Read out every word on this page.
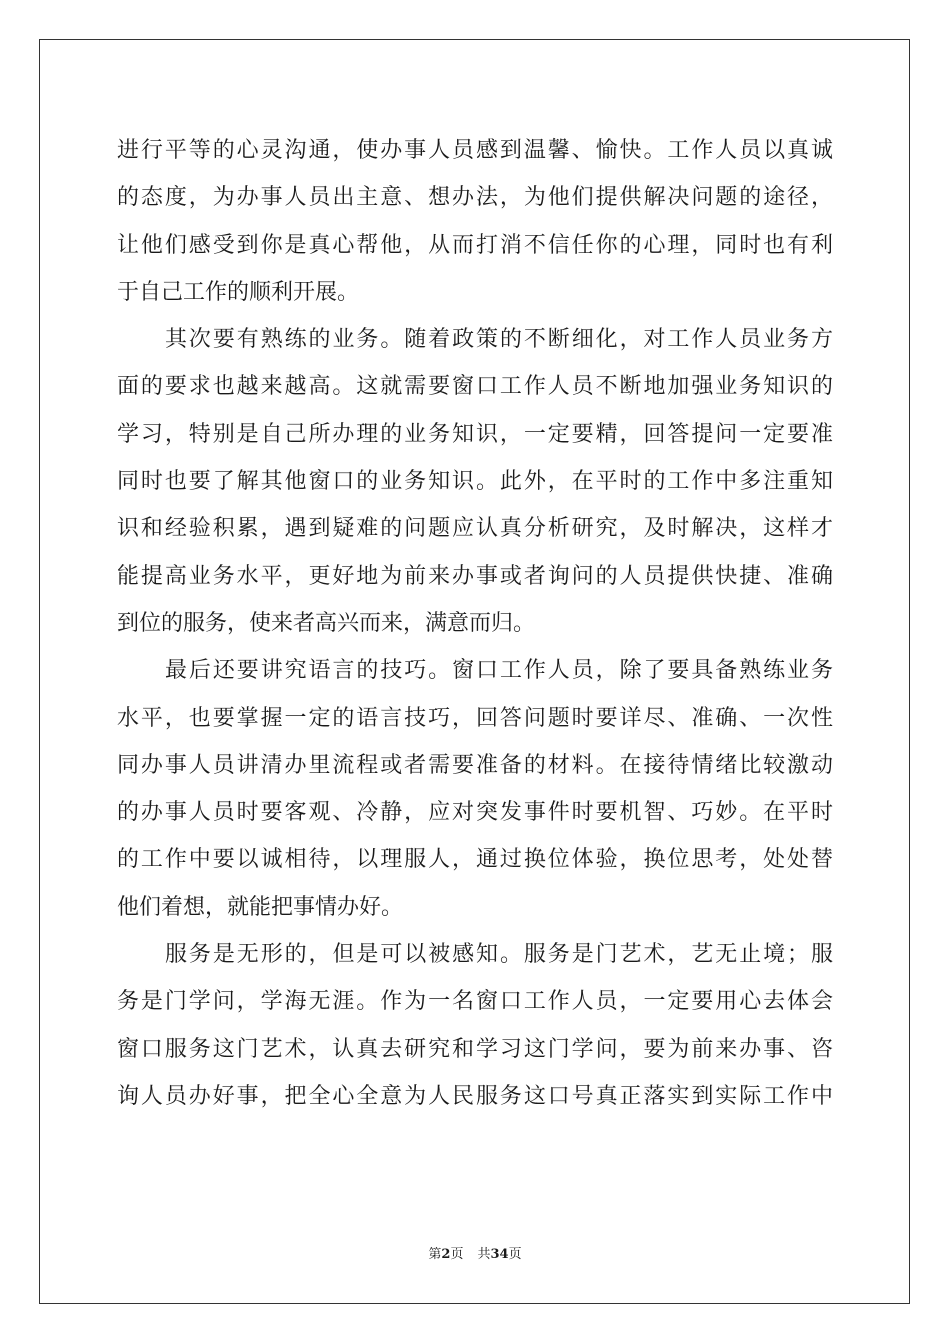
进行平等的心灵沟通，使办事人员感到温馨、愉快。工作人员以真诚
的态度，为办事人员出主意、想办法，为他们提供解决问题的途径，
让他们感受到你是真心帮他，从而打消不信任你的心理，同时也有利
于自己工作的顺利开展。
其次要有熟练的业务。随着政策的不断细化，对工作人员业务方
面的要求也越来越高。这就需要窗口工作人员不断地加强业务知识的
学习，特别是自己所办理的业务知识，一定要精，回答提问一定要准
同时也要了解其他窗口的业务知识。此外，在平时的工作中多注重知
识和经验积累，遇到疑难的问题应认真分析研究，及时解决，这样才
能提高业务水平，更好地为前来办事或者询问的人员提供快捷、准确
到位的服务，使来者高兴而来，满意而归。
最后还要讲究语言的技巧。窗口工作人员，除了要具备熟练业务
水平，也要掌握一定的语言技巧，回答问题时要详尽、准确、一次性
同办事人员讲清办里流程或者需要准备的材料。在接待情绪比较激动
的办事人员时要客观、冷静，应对突发事件时要机智、巧妙。在平时
的工作中要以诚相待，以理服人，通过换位体验，换位思考，处处替
他们着想，就能把事情办好。
服务是无形的，但是可以被感知。服务是门艺术，艺无止境；服
务是门学问，学海无涯。作为一名窗口工作人员，一定要用心去体会
窗口服务这门艺术，认真去研究和学习这门学问，要为前来办事、咨
询人员办好事，把全心全意为人民服务这口号真正落实到实际工作中
第2页 共34页
